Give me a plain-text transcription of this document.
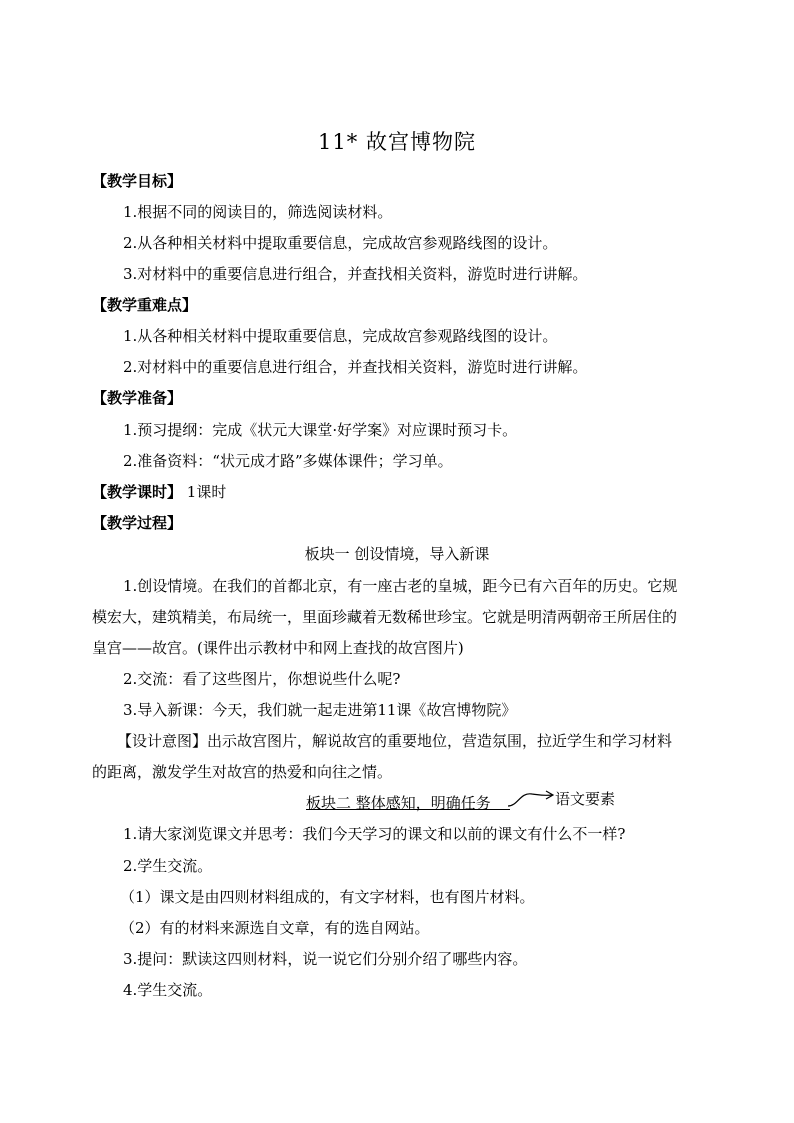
11* 故宫博物院
【教学目标】
1.根据不同的阅读目的，筛选阅读材料。
2.从各种相关材料中提取重要信息，完成故宫参观路线图的设计。
3.对材料中的重要信息进行组合，并查找相关资料，游览时进行讲解。
【教学重难点】
1.从各种相关材料中提取重要信息，完成故宫参观路线图的设计。
2.对材料中的重要信息进行组合，并查找相关资料，游览时进行讲解。
【教学准备】
1.预习提纲：完成《状元大课堂·好学案》对应课时预习卡。
2.准备资料：“状元成才路”多媒体课件；学习单。
【教学课时】 1课时
【教学过程】
板块一 创设情境，导入新课
1.创设情境。在我们的首都北京，有一座古老的皇城，距今已有六百年的历史。它规
模宏大，建筑精美，布局统一，里面珍藏着无数稀世珍宝。它就是明清两朝帝王所居住的
皇宫——故宫。(课件出示教材中和网上查找的故宫图片)
2.交流：看了这些图片，你想说些什么呢?
3.导入新课：今天，我们就一起走进第11课《故宫博物院》
【设计意图】出示故宫图片，解说故宫的重要地位，营造氛围，拉近学生和学习材料
的距离，激发学生对故宫的热爱和向往之情。
板块二 整体感知，明确任务	语文要素
1.请大家浏览课文并思考：我们今天学习的课文和以前的课文有什么不一样?
2.学生交流。
（1）课文是由四则材料组成的，有文字材料，也有图片材料。
（2）有的材料来源选自文章，有的选自网站。
3.提问：默读这四则材料，说一说它们分别介绍了哪些内容。
4.学生交流。
